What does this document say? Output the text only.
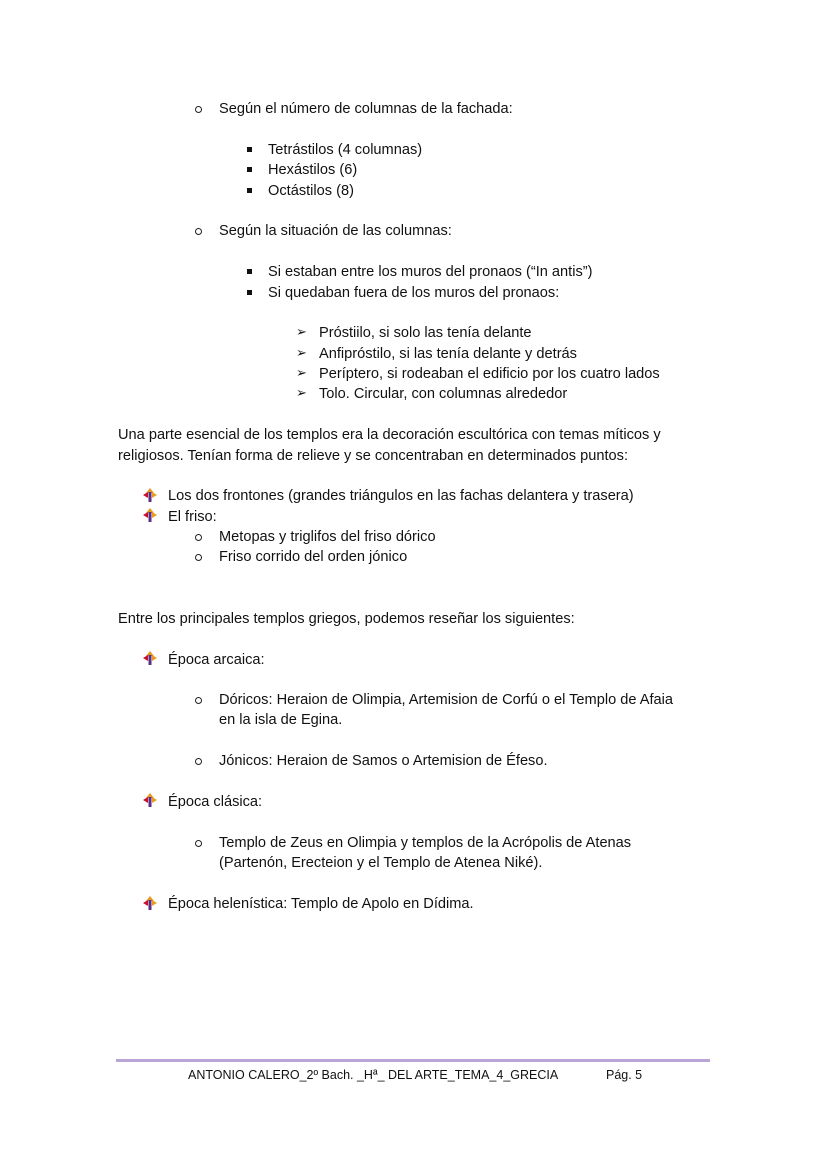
Según el número de columnas de la fachada:
Tetrástilos (4 columnas)
Hexástilos (6)
Octástilos (8)
Según la situación de las columnas:
Si estaban entre los muros del pronaos (“In antis”)
Si quedaban fuera de los muros del pronaos:
➢ Próstiilo, si solo las tenía delante
➢ Anfipróstilo, si las tenía delante y detrás
➢ Períptero, si rodeaban el edificio por los cuatro lados
➢ Tolo. Circular, con columnas alrededor
Una parte esencial de los templos era la decoración escultórica con temas míticos y
religiosos. Tenían forma de relieve y se concentraban en determinados puntos:
Los dos frontones (grandes triángulos en las fachas delantera y trasera)
El friso:
Metopas y triglifos del friso dórico
Friso corrido del orden jónico
Entre los principales templos griegos, podemos reseñar los siguientes:
Época arcaica:
Dóricos: Heraion de Olimpia, Artemision de Corfú o el Templo de Afaia
en la isla de Egina.
Jónicos: Heraion de Samos o Artemision de Éfeso.
Época clásica:
Templo de Zeus en Olimpia y templos de la Acrópolis de Atenas
(Partenón, Erecteion y el Templo de Atenea Niké).
Época helenística: Templo de Apolo en Dídima.
ANTONIO CALERO_2º Bach. _Hª_ DEL ARTE_TEMA_4_GRECIA	Pág. 5
